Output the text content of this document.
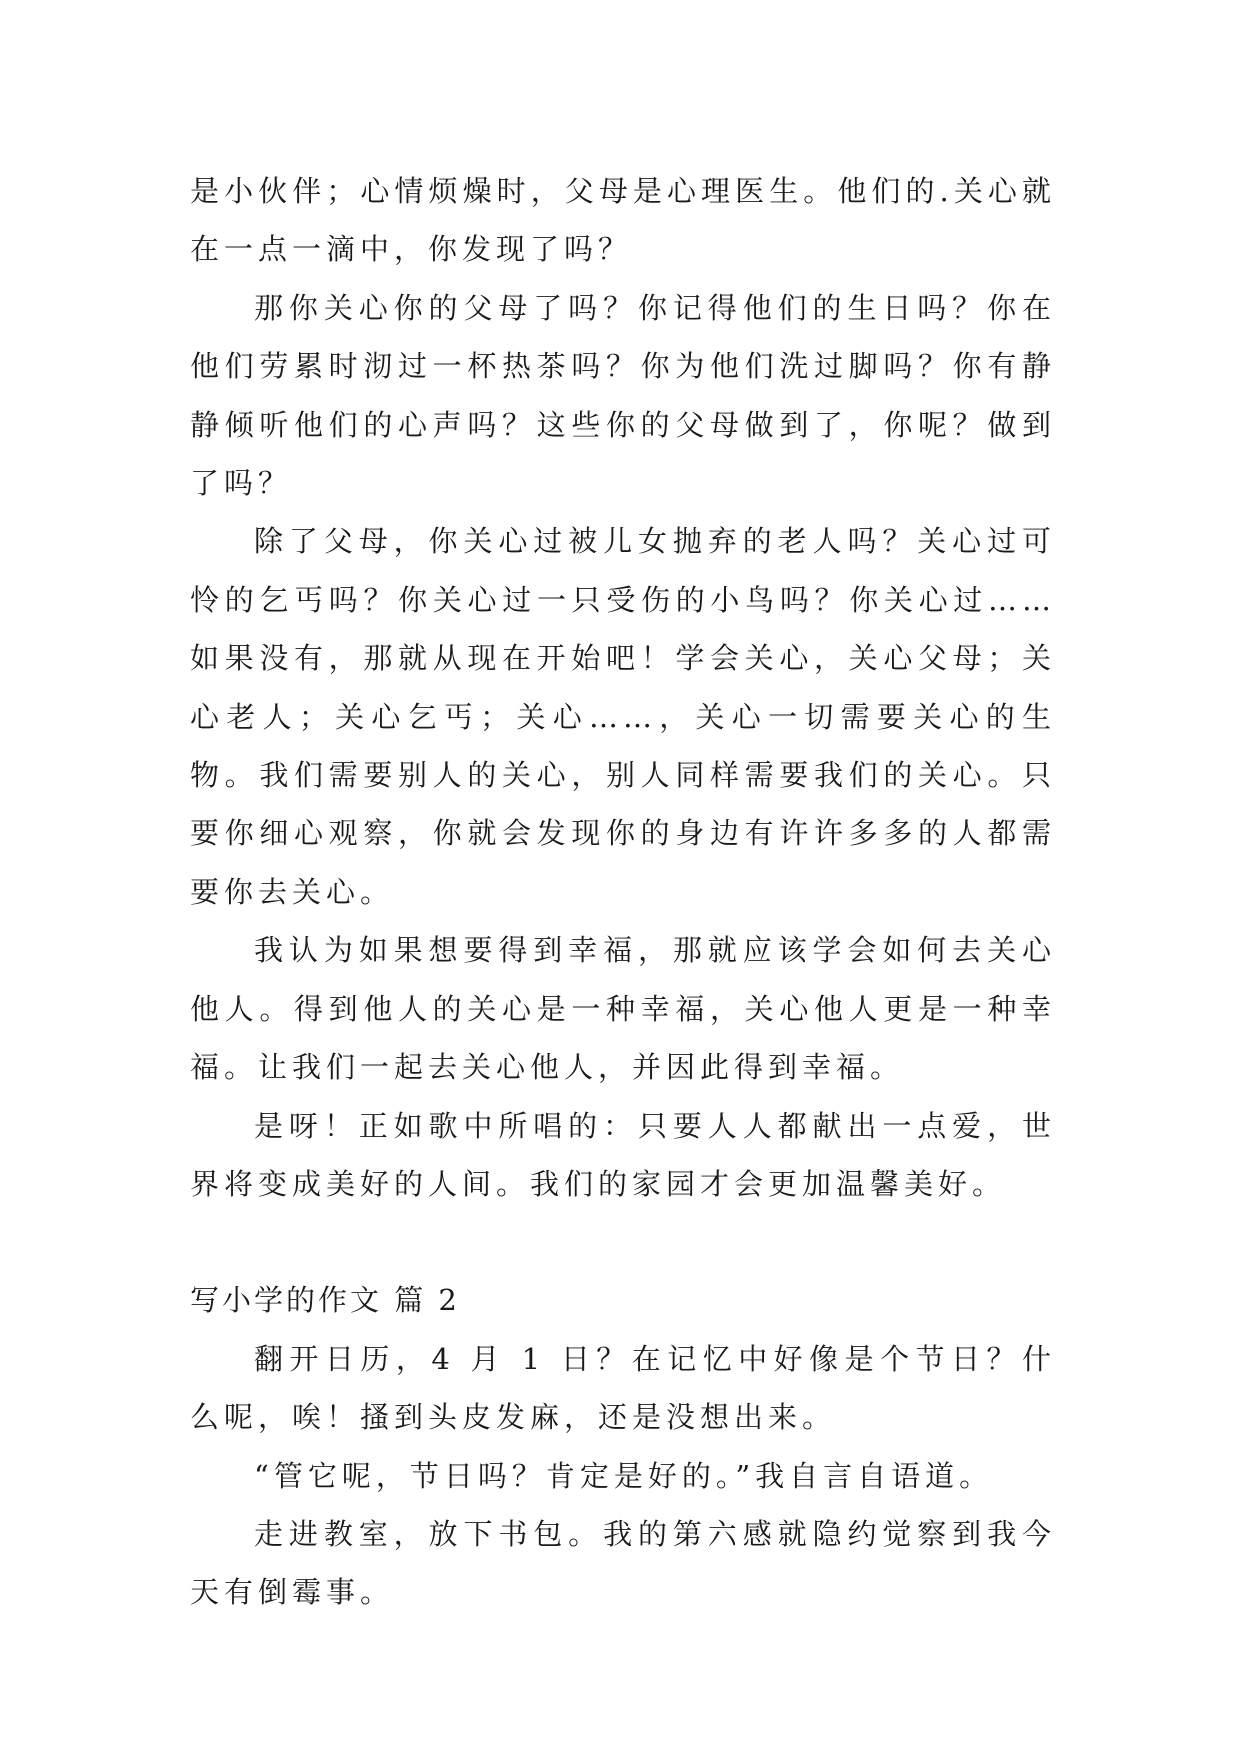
是小伙伴；心情烦燥时，父母是心理医生。他们的.关心就在一点一滴中，你发现了吗？

那你关心你的父母了吗？你记得他们的生日吗？你在他们劳累时沏过一杯热茶吗？你为他们洗过脚吗？你有静静倾听他们的心声吗？这些你的父母做到了，你呢？做到了吗？

除了父母，你关心过被儿女抛弃的老人吗？关心过可怜的乞丐吗？你关心过一只受伤的小鸟吗？你关心过……如果没有，那就从现在开始吧！学会关心，关心父母；关心老人；关心乞丐；关心……，关心一切需要关心的生物。我们需要别人的关心，别人同样需要我们的关心。只要你细心观察，你就会发现你的身边有许许多多的人都需要你去关心。

我认为如果想要得到幸福，那就应该学会如何去关心他人。得到他人的关心是一种幸福，关心他人更是一种幸福。让我们一起去关心他人，并因此得到幸福。

是呀！正如歌中所唱的：只要人人都献出一点爱，世界将变成美好的人间。我们的家园才会更加温馨美好。

写小学的作文 篇 2

翻开日历，4 月 1 日？在记忆中好像是个节日？什么呢，唉！搔到头皮发麻，还是没想出来。

“管它呢，节日吗？肯定是好的。”我自言自语道。

走进教室，放下书包。我的第六感就隐约觉察到我今天有倒霉事。
